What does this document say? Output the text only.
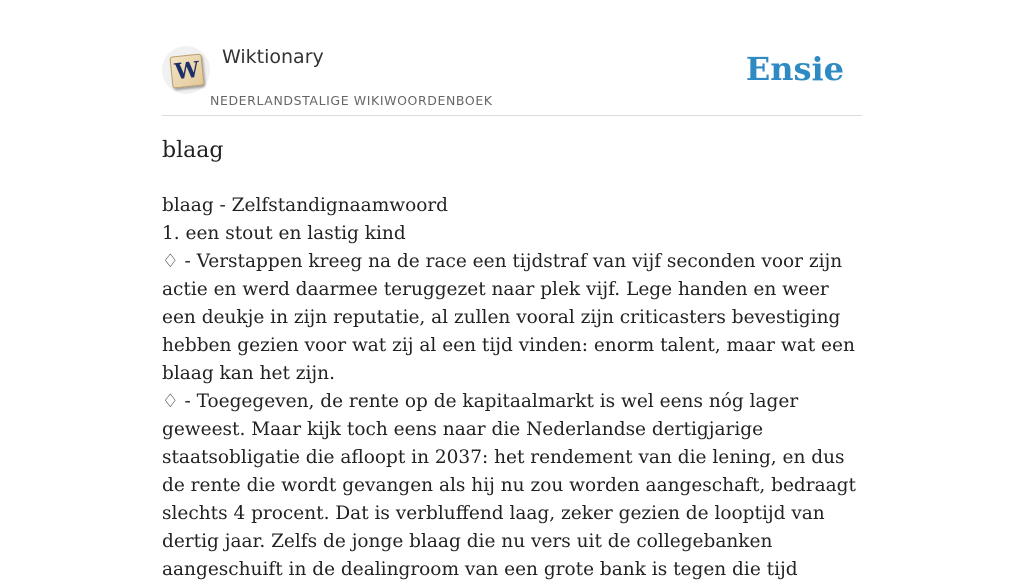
W Wiktionary
NEDERLANDSTALIGE WIKIWOORDENBOEK
Ensie
blaag
blaag - Zelfstandignaamwoord
1. een stout en lastig kind
♢ - Verstappen kreeg na de race een tijdstraf van vijf seconden voor zijn actie en werd daarmee teruggezet naar plek vijf. Lege handen en weer een deukje in zijn reputatie, al zullen vooral zijn criticasters bevestiging hebben gezien voor wat zij al een tijd vinden: enorm talent, maar wat een blaag kan het zijn.
♢ - Toegegeven, de rente op de kapitaalmarkt is wel eens nóg lager geweest. Maar kijk toch eens naar die Nederlandse dertigjarige staatsobligatie die afloopt in 2037: het rendement van die lening, en dus de rente die wordt gevangen als hij nu zou worden aangeschaft, bedraagt slechts 4 procent. Dat is verbluffend laag, zeker gezien de looptijd van dertig jaar. Zelfs de jonge blaag die nu vers uit de collegebanken aangeschuift in de dealingroom van een grote bank is tegen die tijd
